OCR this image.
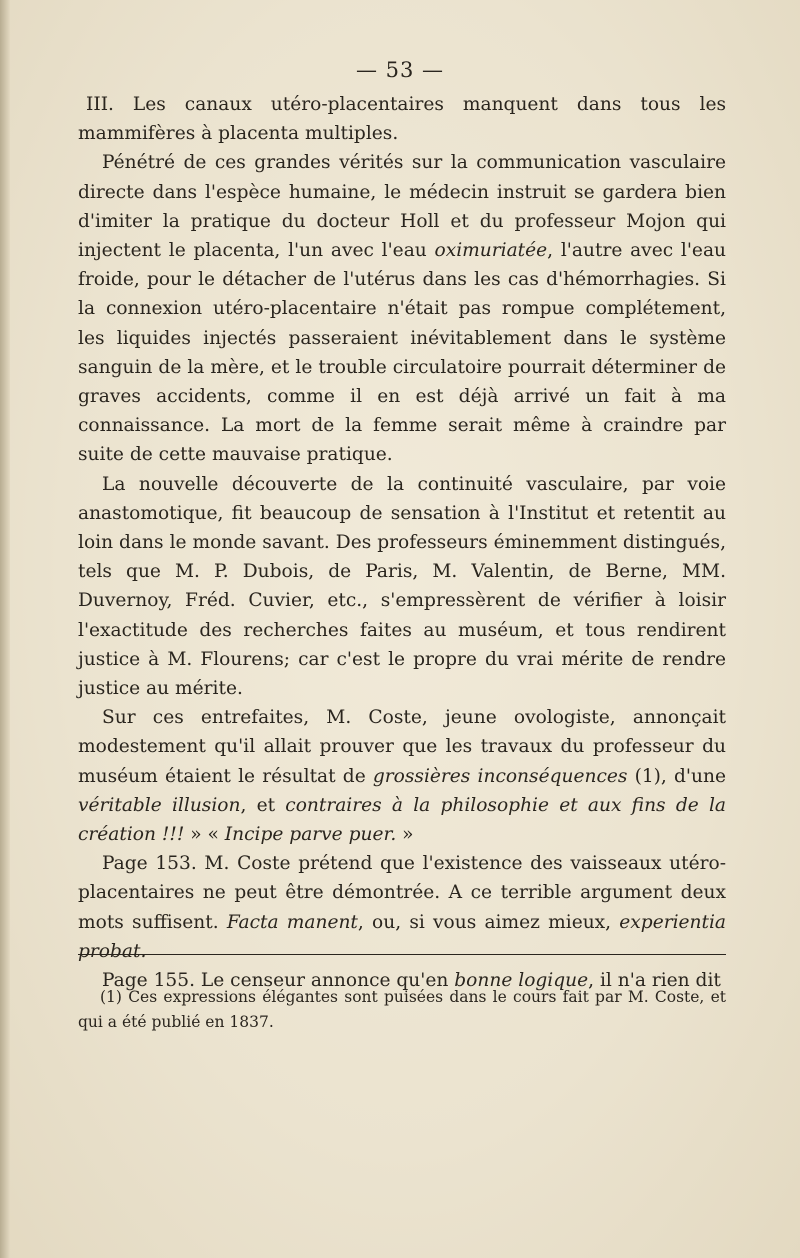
— 53 —

III. Les canaux utéro-placentaires manquent dans tous les mammifères à placenta multiples.

Pénétré de ces grandes vérités sur la communication vasculaire directe dans l'espèce humaine, le médecin instruit se gardera bien d'imiter la pratique du docteur Holl et du professeur Mojon qui injectent le placenta, l'un avec l'eau oximuriatée, l'autre avec l'eau froide, pour le détacher de l'utérus dans les cas d'hémorrhagies. Si la connexion utéro-placentaire n'était pas rompue complétement, les liquides injectés passeraient inévitablement dans le système sanguin de la mère, et le trouble circulatoire pourrait déterminer de graves accidents, comme il en est déjà arrivé un fait à ma connaissance. La mort de la femme serait même à craindre par suite de cette mauvaise pratique.

La nouvelle découverte de la continuité vasculaire, par voie anastomotique, fit beaucoup de sensation à l'Institut et retentit au loin dans le monde savant. Des professeurs éminemment distingués, tels que M. P. Dubois, de Paris, M. Valentin, de Berne, MM. Duvernoy, Fréd. Cuvier, etc., s'empressèrent de vérifier à loisir l'exactitude des recherches faites au muséum, et tous rendirent justice à M. Flourens; car c'est le propre du vrai mérite de rendre justice au mérite.

Sur ces entrefaites, M. Coste, jeune ovologiste, annonçait modestement qu'il allait prouver que les travaux du professeur du muséum étaient le résultat de grossières inconséquences (1), d'une véritable illusion, et contraires à la philosophie et aux fins de la création !!! » « Incipe parve puer. »

Page 153. M. Coste prétend que l'existence des vaisseaux utéro-placentaires ne peut être démontrée. A ce terrible argument deux mots suffisent. Facta manent, ou, si vous aimez mieux, experientia probat.

Page 155. Le censeur annonce qu'en bonne logique, il n'a rien dit

(1) Ces expressions élégantes sont puisées dans le cours fait par M. Coste, et qui a été publié en 1837.
